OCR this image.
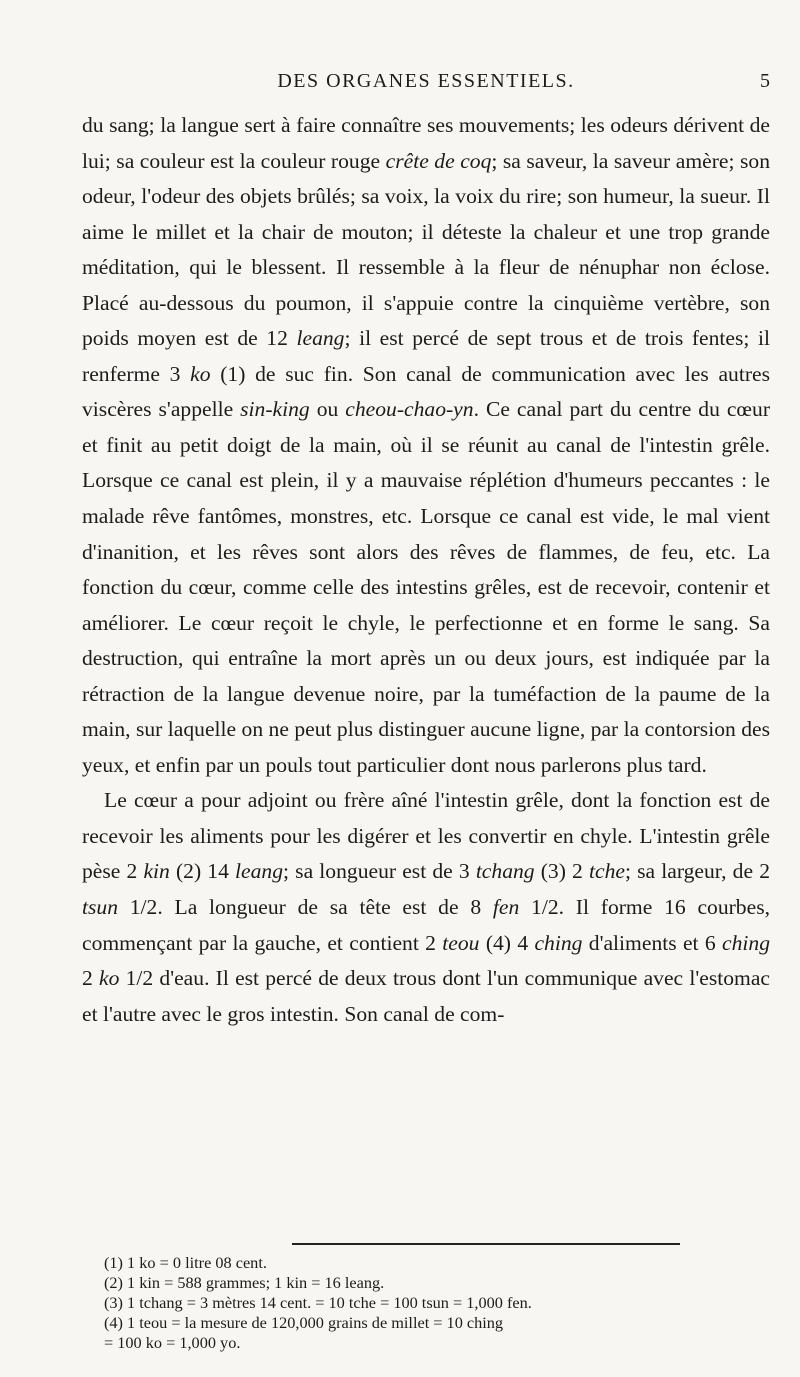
DES ORGANES ESSENTIELS.	5

du sang; la langue sert à faire connaître ses mouvements; les odeurs dérivent de lui; sa couleur est la couleur rouge crête de coq; sa saveur, la saveur amère; son odeur, l'odeur des objets brûlés; sa voix, la voix du rire; son humeur, la sueur. Il aime le millet et la chair de mouton; il déteste la chaleur et une trop grande méditation, qui le blessent. Il ressemble à la fleur de nénuphar non éclose. Placé au-dessous du poumon, il s'appuie contre la cinquième vertèbre, son poids moyen est de 12 leang; il est percé de sept trous et de trois fentes; il renferme 3 ko (1) de suc fin. Son canal de communication avec les autres viscères s'appelle sin-king ou cheou-chao-yn. Ce canal part du centre du cœur et finit au petit doigt de la main, où il se réunit au canal de l'intestin grêle. Lorsque ce canal est plein, il y a mauvaise réplétion d'humeurs peccantes : le malade rêve fantômes, monstres, etc. Lorsque ce canal est vide, le mal vient d'inanition, et les rêves sont alors des rêves de flammes, de feu, etc. La fonction du cœur, comme celle des intestins grêles, est de recevoir, contenir et améliorer. Le cœur reçoit le chyle, le perfectionne et en forme le sang. Sa destruction, qui entraîne la mort après un ou deux jours, est indiquée par la rétraction de la langue devenue noire, par la tuméfaction de la paume de la main, sur laquelle on ne peut plus distinguer aucune ligne, par la contorsion des yeux, et enfin par un pouls tout particulier dont nous parlerons plus tard.

Le cœur a pour adjoint ou frère aîné l'intestin grêle, dont la fonction est de recevoir les aliments pour les digérer et les convertir en chyle. L'intestin grêle pèse 2 kin (2) 14 leang; sa longueur est de 3 tchang (3) 2 tche; sa largeur, de 2 tsun 1/2. La longueur de sa tête est de 8 fen 1/2. Il forme 16 courbes, commençant par la gauche, et contient 2 teou (4) 4 ching d'aliments et 6 ching 2 ko 1/2 d'eau. Il est percé de deux trous dont l'un communique avec l'estomac et l'autre avec le gros intestin. Son canal de com-

(1) 1 ko = 0 litre 08 cent.

(2) 1 kin = 588 grammes; 1 kin = 16 leang.

(3) 1 tchang = 3 mètres 14 cent. = 10 tche = 100 tsun = 1,000 fen.

(4) 1 teou = la mesure de 120,000 grains de millet = 10 ching

= 100 ko = 1,000 yo.
